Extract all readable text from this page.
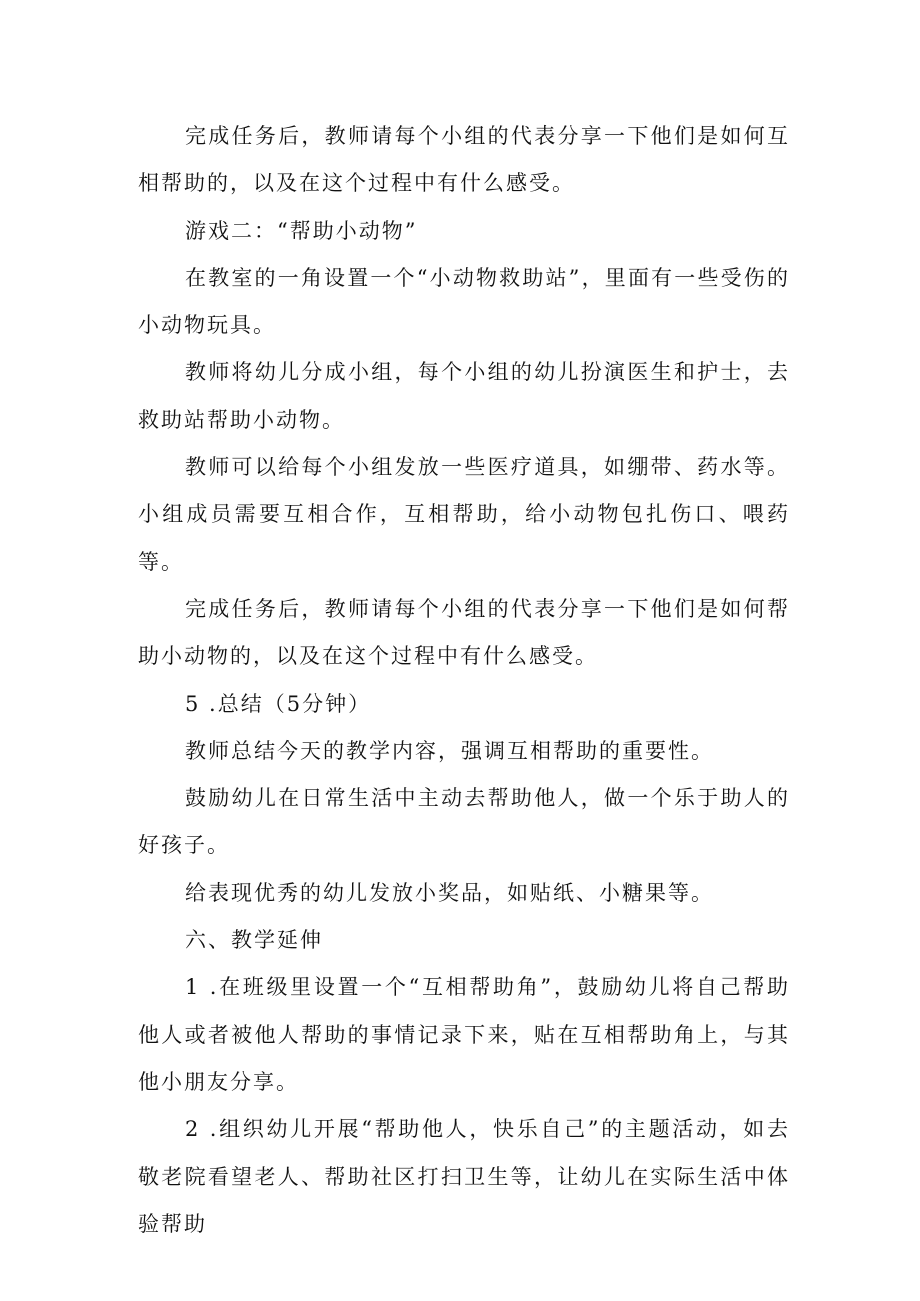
完成任务后，教师请每个小组的代表分享一下他们是如何互相帮助的，以及在这个过程中有什么感受。

游戏二：“帮助小动物”

在教室的一角设置一个“小动物救助站”，里面有一些受伤的小动物玩具。

教师将幼儿分成小组，每个小组的幼儿扮演医生和护士，去救助站帮助小动物。

教师可以给每个小组发放一些医疗道具，如绷带、药水等。小组成员需要互相合作，互相帮助，给小动物包扎伤口、喂药等。

完成任务后，教师请每个小组的代表分享一下他们是如何帮助小动物的，以及在这个过程中有什么感受。

5 .总结（5分钟）

教师总结今天的教学内容，强调互相帮助的重要性。

鼓励幼儿在日常生活中主动去帮助他人，做一个乐于助人的好孩子。

给表现优秀的幼儿发放小奖品，如贴纸、小糖果等。

六、教学延伸

1 .在班级里设置一个“互相帮助角”，鼓励幼儿将自己帮助他人或者被他人帮助的事情记录下来，贴在互相帮助角上，与其他小朋友分享。

2 .组织幼儿开展“帮助他人，快乐自己”的主题活动，如去敬老院看望老人、帮助社区打扫卫生等，让幼儿在实际生活中体验帮助
